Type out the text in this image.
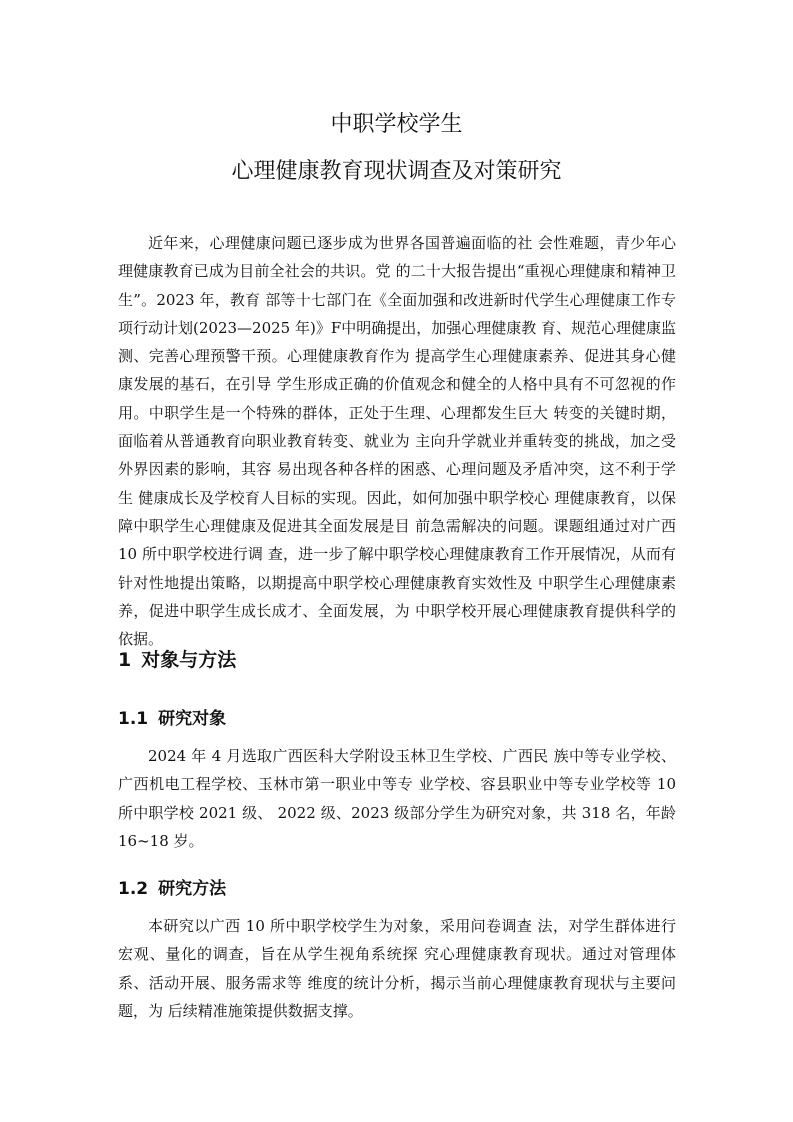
中职学校学生
心理健康教育现状调查及对策研究

近年来，心理健康问题已逐步成为世界各国普遍面临的社 会性难题，青少年心理健康教育已成为目前全社会的共识。党 的二十大报告提出“重视心理健康和精神卫生”。2023 年，教育 部等十七部门在《全面加强和改进新时代学生心理健康工作专 项行动计划(2023—2025 年)》F中明确提出，加强心理健康教 育、规范心理健康监测、完善心理预警干预。心理健康教育作为 提高学生心理健康素养、促进其身心健康发展的基石，在引导 学生形成正确的价值观念和健全的人格中具有不可忽视的作 用。中职学生是一个特殊的群体，正处于生理、心理都发生巨大 转变的关键时期，面临着从普通教育向职业教育转变、就业为 主向升学就业并重转变的挑战，加之受外界因素的影响，其容 易出现各种各样的困惑、心理问题及矛盾冲突，这不利于学生 健康成长及学校育人目标的实现。因此，如何加强中职学校心 理健康教育，以保障中职学生心理健康及促进其全面发展是目 前急需解决的问题。课题组通过对广西 10 所中职学校进行调 查，进一步了解中职学校心理健康教育工作开展情况，从而有 针对性地提出策略，以期提高中职学校心理健康教育实效性及 中职学生心理健康素养，促进中职学生成长成才、全面发展，为 中职学校开展心理健康教育提供科学的依据。

1 对象与方法
1.1 研究对象

2024 年 4 月选取广西医科大学附设玉林卫生学校、广西民 族中等专业学校、广西机电工程学校、玉林市第一职业中等专 业学校、容县职业中等专业学校等 10 所中职学校 2021 级、 2022 级、2023 级部分学生为研究对象，共 318 名，年龄 16~18 岁。

1.2 研究方法

本研究以广西 10 所中职学校学生为对象，采用问卷调查 法，对学生群体进行宏观、量化的调查，旨在从学生视角系统探 究心理健康教育现状。通过对管理体系、活动开展、服务需求等 维度的统计分析，揭示当前心理健康教育现状与主要问题，为 后续精准施策提供数据支撑。
